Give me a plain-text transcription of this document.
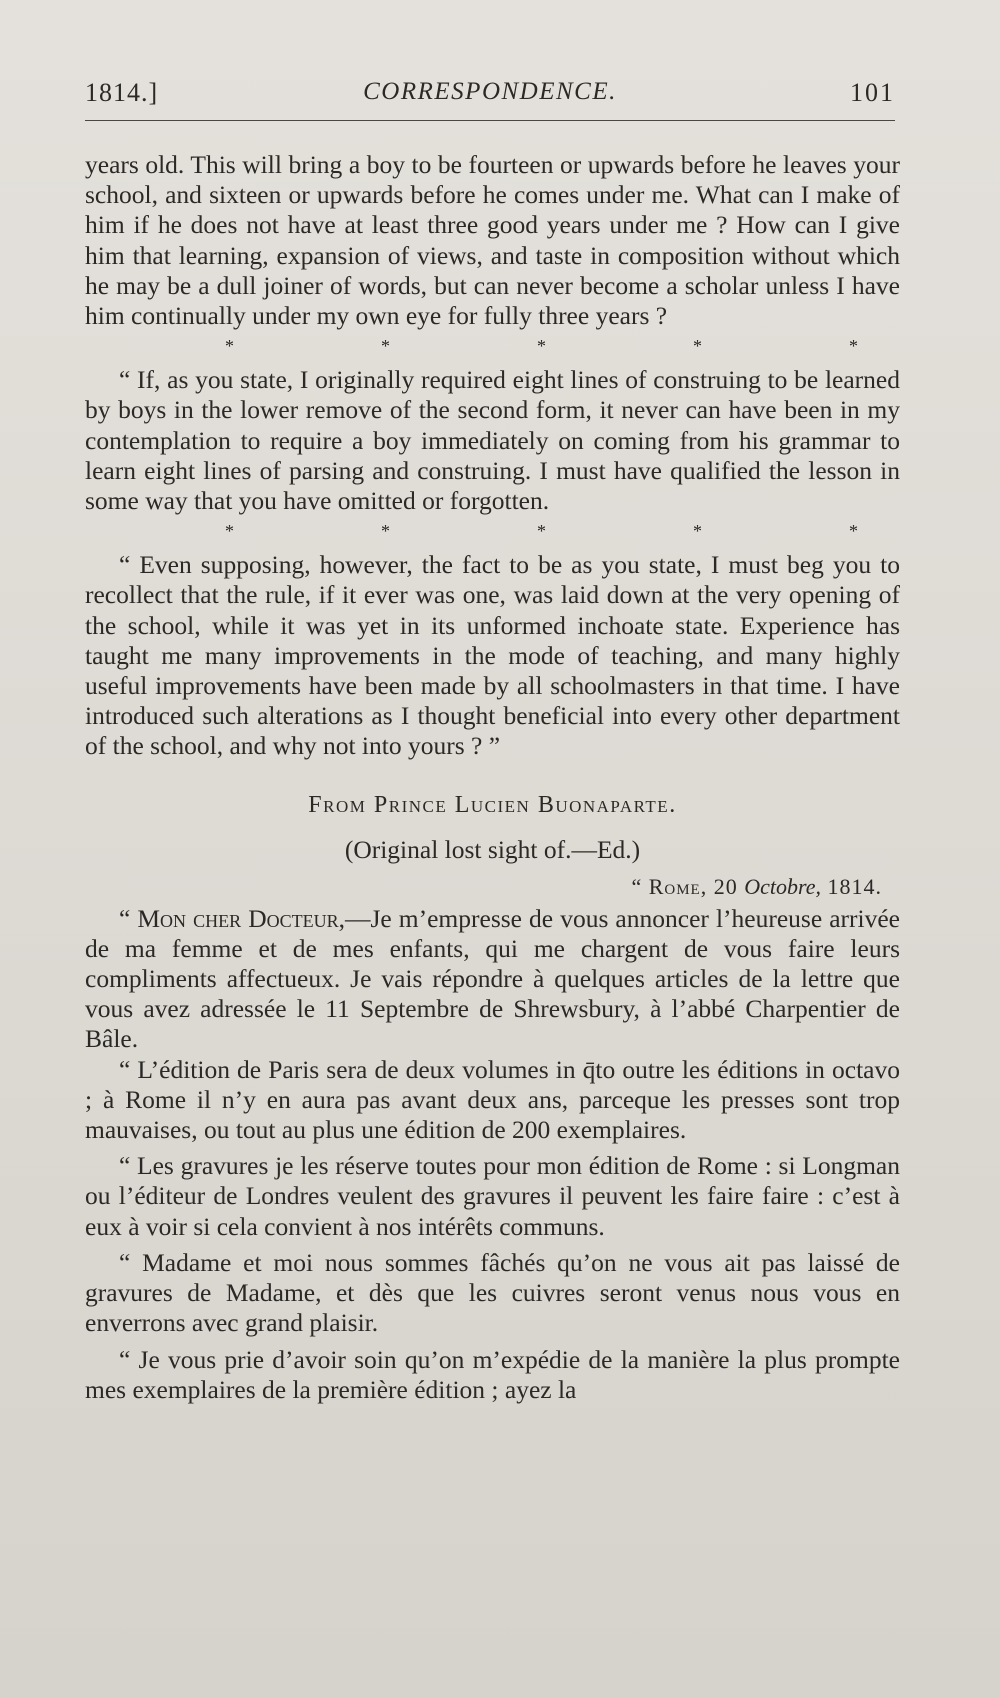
1814.]	CORRESPONDENCE.	101

years old. This will bring a boy to be fourteen or upwards before he leaves your school, and sixteen or upwards before he comes under me. What can I make of him if he does not have at least three good years under me ? How can I give him that learning, expansion of views, and taste in composition without which he may be a dull joiner of words, but can never become a scholar unless I have him continually under my own eye for fully three years ?

*	*	*	*	*

“ If, as you state, I originally required eight lines of construing to be learned by boys in the lower remove of the second form, it never can have been in my contemplation to require a boy immediately on coming from his grammar to learn eight lines of parsing and construing. I must have qualified the lesson in some way that you have omitted or forgotten.

*	*	*	*	*

“ Even supposing, however, the fact to be as you state, I must beg you to recollect that the rule, if it ever was one, was laid down at the very opening of the school, while it was yet in its unformed inchoate state. Experience has taught me many improvements in the mode of teaching, and many highly useful improvements have been made by all schoolmasters in that time. I have introduced such alterations as I thought beneficial into every other department of the school, and why not into yours ? ”

From Prince Lucien Buonaparte.
(Original lost sight of.—Ed.)
“ Rome, 20 Octobre, 1814.

“ Mon cher Docteur,—Je m’empresse de vous annoncer l’heureuse arrivée de ma femme et de mes enfants, qui me chargent de vous faire leurs compliments affectueux. Je vais répondre à quelques articles de la lettre que vous avez adressée le 11 Septembre de Shrewsbury, à l’abbé Charpentier de Bâle.

“ L’édition de Paris sera de deux volumes in q̄to outre les éditions in octavo ; à Rome il n’y en aura pas avant deux ans, parceque les presses sont trop mauvaises, ou tout au plus une édition de 200 exemplaires.

“ Les gravures je les réserve toutes pour mon édition de Rome : si Longman ou l’éditeur de Londres veulent des gravures il peuvent les faire faire : c’est à eux à voir si cela convient à nos intérêts communs.

“ Madame et moi nous sommes fâchés qu’on ne vous ait pas laissé de gravures de Madame, et dès que les cuivres seront venus nous vous en enverrons avec grand plaisir.

“ Je vous prie d’avoir soin qu’on m’expédie de la manière la plus prompte mes exemplaires de la première édition ; ayez la
